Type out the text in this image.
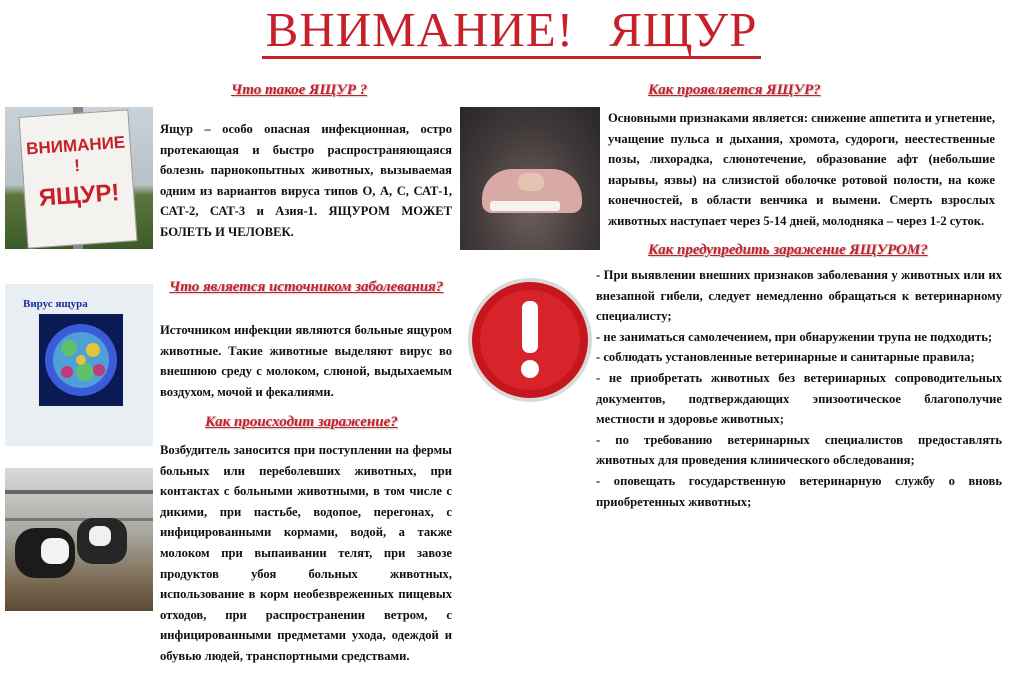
ВНИМАНИЕ! ЯЩУР
ВНИМАНИЕ !
ЯЩУР!
Что такое ЯЩУР ?

Ящур – особо опасная инфекционная, остро протекающая и быстро распространяющаяся болезнь парнокопытных животных, вызываемая одним из вариантов вируса типов О, А, С, САТ-1, САТ-2, САТ-3 и Азия-1. ЯЩУРОМ МОЖЕТ БОЛЕТЬ И ЧЕЛОВЕК.

Вирус ящура
Что является источником заболевания?

Источником инфекции являются больные ящуром животные. Такие животные выделяют вирус во внешнюю среду с молоком, слюной, выдыхаемым воздухом, мочой и фекалиями.

Как происходит заражение?

Возбудитель заносится при поступлении на фермы больных или переболевших животных, при контактах с больными животными, в том числе с дикими, при пастьбе, водопое, перегонах, с инфицированными кормами, водой, а также молоком при выпаивании телят, при завозе продуктов убоя больных животных, использование в корм необезвреженных пищевых отходов, при распространении ветром, с инфицированными предметами ухода, одеждой и обувью людей, транспортными средствами.

Как проявляется ЯЩУР?

Основными признаками является: снижение аппетита и угнетение, учащение пульса и дыхания, хромота, судороги, неестественные позы, лихорадка, слюнотечение, образование афт (небольшие нарывы, язвы) на слизистой оболочке ротовой полости, на коже конечностей, в области венчика и вымени. Смерть взрослых животных наступает через 5-14 дней, молодняка – через 1-2 суток.

Как предупредить заражение ЯЩУРОМ?

- При выявлении внешних признаков заболевания у животных или их внезапной гибели, следует немедленно обращаться к ветеринарному специалисту;

- не заниматься самолечением, при обнаружении трупа не подходить;

- соблюдать установленные ветеринарные и санитарные правила;

- не приобретать животных без ветеринарных сопроводительных документов, подтверждающих эпизоотическое благополучие местности и здоровье животных;

- по требованию ветеринарных специалистов предоставлять животных для проведения клинического обследования;

- оповещать государственную ветеринарную службу о вновь приобретенных животных;
